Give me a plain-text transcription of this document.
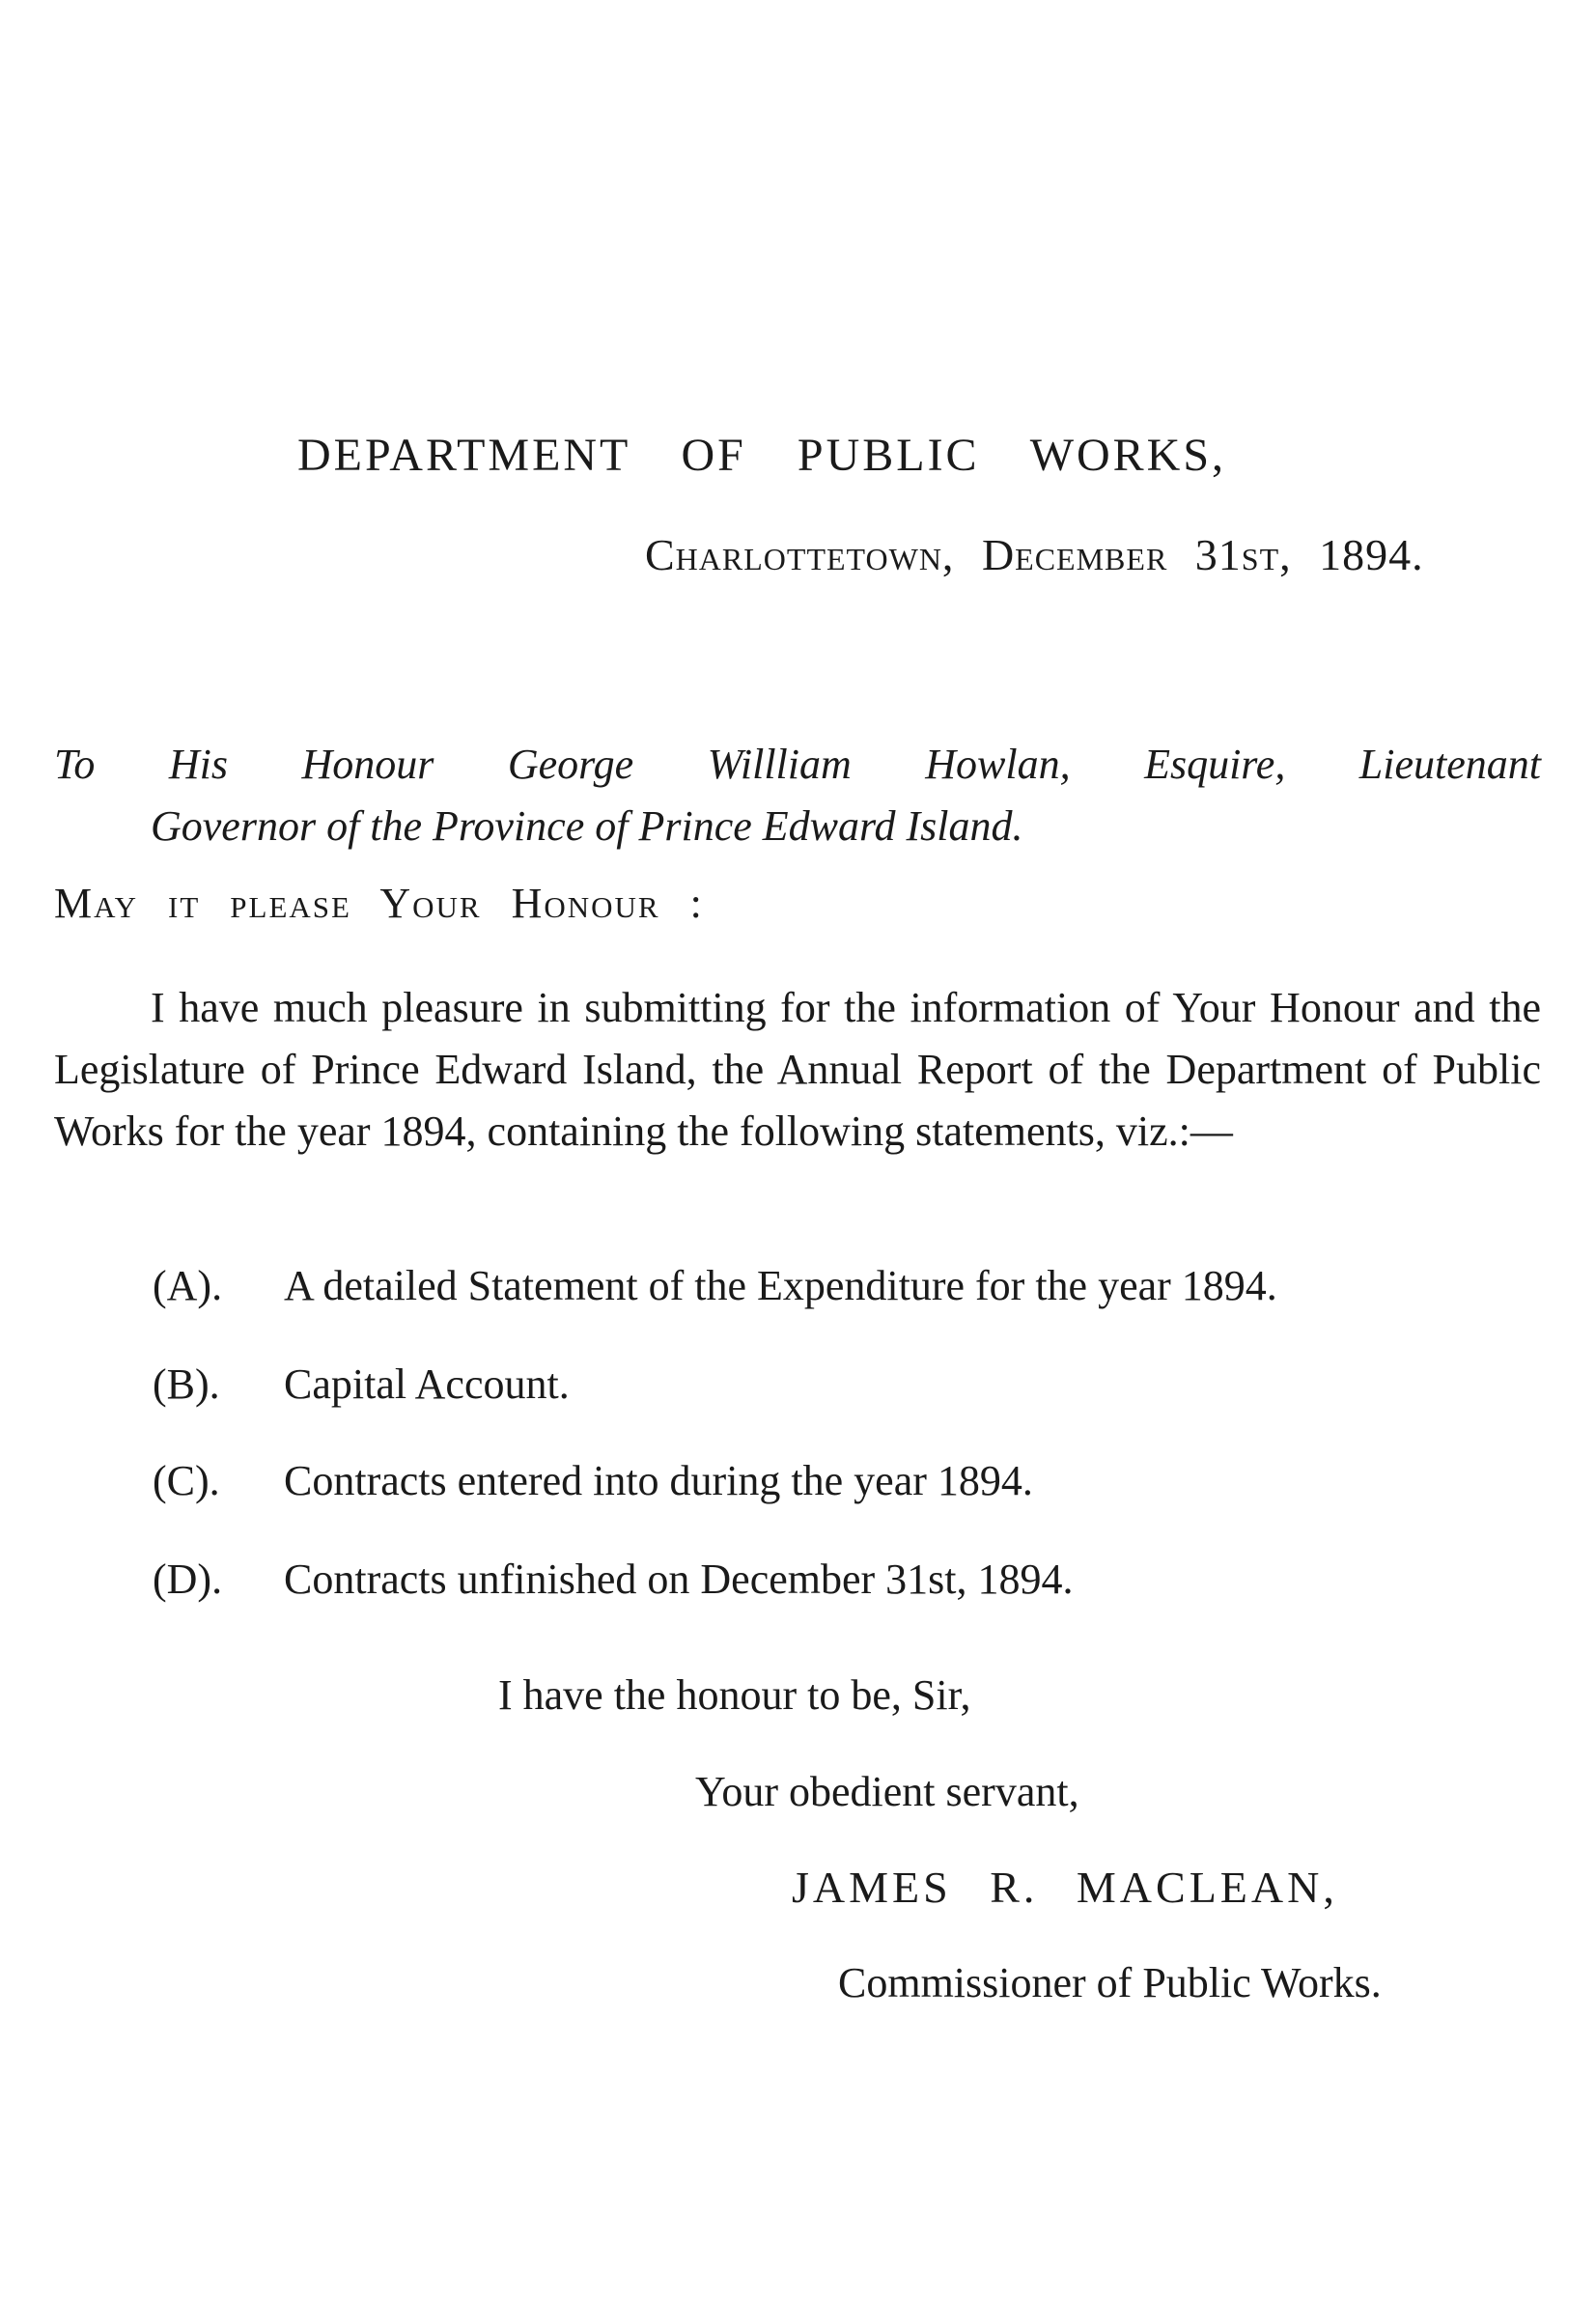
DEPARTMENT OF PUBLIC WORKS,
Charlottetown, December 31st, 1894.
To His Honour George Willliam Howlan, Esquire, Lieutenant
Governor of the Province of Prince Edward Island.
May it please Your Honour :
I have much pleasure in submitting for the information of Your Honour and the Legislature of Prince Edward Island, the Annual Report of the Department of Public Works for the year 1894, containing the following statements, viz.:—
(A). A detailed Statement of the Expenditure for the year 1894.
(B). Capital Account.
(C). Contracts entered into during the year 1894.
(D). Contracts unfinished on December 31st, 1894.
I have the honour to be, Sir,
Your obedient servant,
JAMES R. MACLEAN,
Commissioner of Public Works.
